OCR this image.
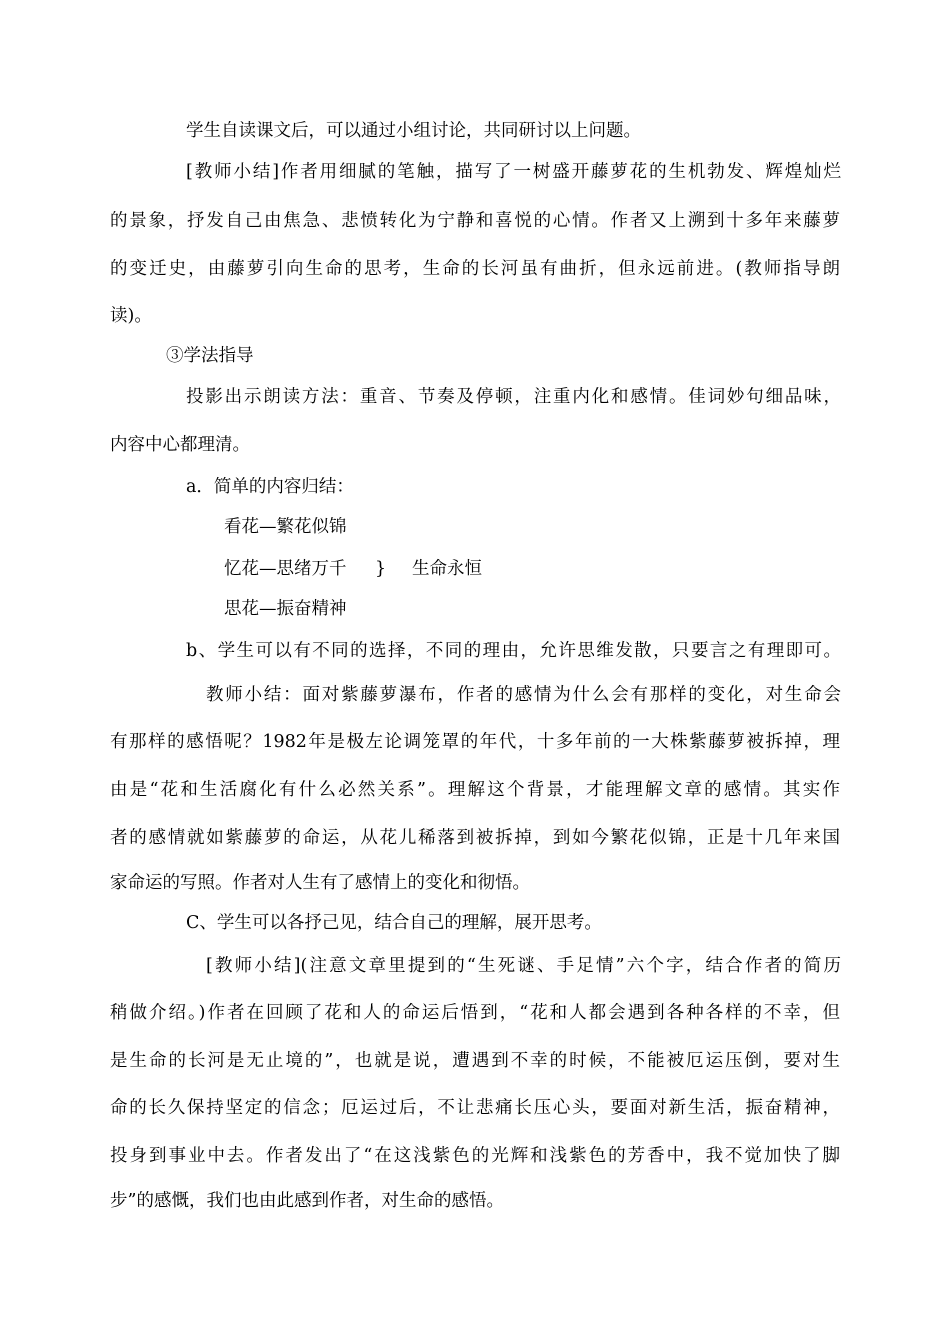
学生自读课文后，可以通过小组讨论，共同研讨以上问题。

[教师小结]作者用细腻的笔触，描写了一树盛开藤萝花的生机勃发、辉煌灿烂

的景象，抒发自己由焦急、悲愤转化为宁静和喜悦的心情。作者又上溯到十多年来藤萝

的变迁史，由藤萝引向生命的思考，生命的长河虽有曲折，但永远前进。(教师指导朗

读)。

③学法指导

投影出示朗读方法：重音、节奏及停顿，注重内化和感情。佳词妙句细品味，

内容中心都理清。

a．简单的内容归结：

看花—繁花似锦

忆花—思绪万千 } 生命永恒

思花—振奋精神

b、学生可以有不同的选择，不同的理由，允许思维发散，只要言之有理即可。

教师小结：面对紫藤萝瀑布，作者的感情为什么会有那样的变化，对生命会

有那样的感悟呢？1982年是极左论调笼罩的年代，十多年前的一大株紫藤萝被拆掉，理

由是“花和生活腐化有什么必然关系”。理解这个背景，才能理解文章的感情。其实作

者的感情就如紫藤萝的命运，从花儿稀落到被拆掉，到如今繁花似锦，正是十几年来国

家命运的写照。作者对人生有了感情上的变化和彻悟。

C、学生可以各抒己见，结合自己的理解，展开思考。

[教师小结](注意文章里提到的“生死谜、手足情”六个字，结合作者的简历

稍做介绍。)作者在回顾了花和人的命运后悟到，“花和人都会遇到各种各样的不幸，但

是生命的长河是无止境的”，也就是说，遭遇到不幸的时候，不能被厄运压倒，要对生

命的长久保持坚定的信念；厄运过后，不让悲痛长压心头，要面对新生活，振奋精神，

投身到事业中去。作者发出了“在这浅紫色的光辉和浅紫色的芳香中，我不觉加快了脚

步”的感慨，我们也由此感到作者，对生命的感悟。
